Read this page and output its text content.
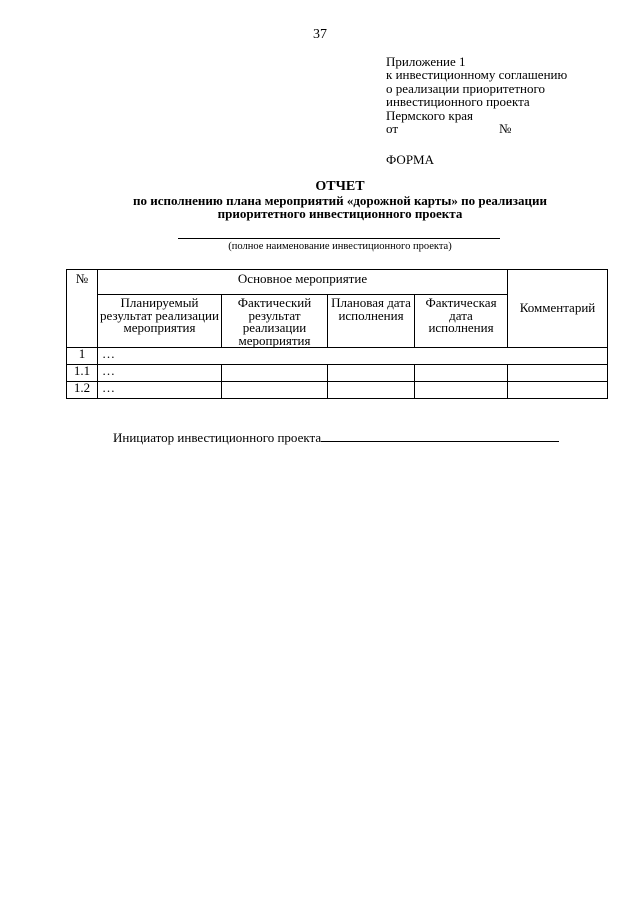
37
Приложение 1
к инвестиционному соглашению
о реализации приоритетного
инвестиционного проекта
Пермского края
от	№
ФОРМА
ОТЧЕТ
по исполнению плана мероприятий «дорожной карты» по реализации
приоритетного инвестиционного проекта
(полное наименование инвестиционного проекта)
№	Основное мероприятие				Комментарий
	Планируемый результат реализации мероприятия	Фактический результат реализации мероприятия	Плановая дата исполнения	Фактическая дата исполнения	
1	…				
1.1	…				
1.2	…				
Инициатор инвестиционного проекта
